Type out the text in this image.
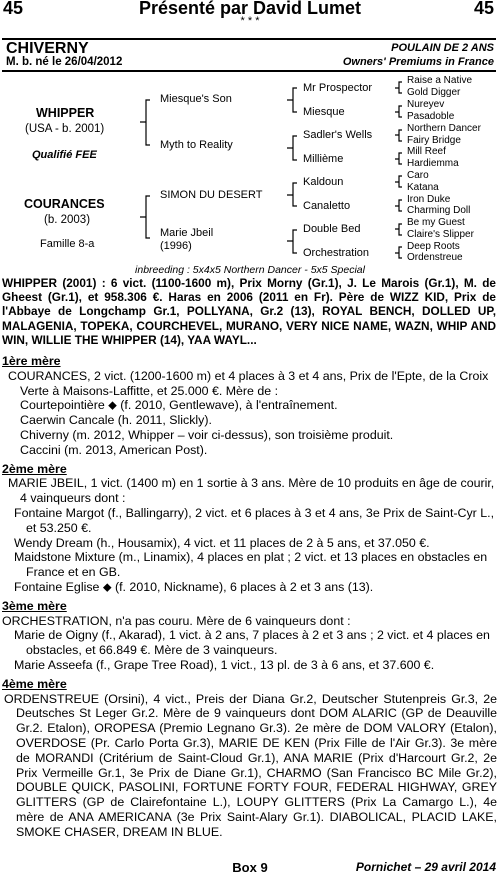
45	Présenté par David Lumet	45
* * *
CHIVERNY	POULAIN DE 2 ANS
M. b. né le 26/04/2012	Owners' Premiums in France
WHIPPER
(USA - b. 2001)
Qualifié FEE
COURANCES
(b. 2003)
Famille 8-a
Miesque's Son
Myth to Reality
SIMON DU DESERT
Marie Jbeil
(1996)
Mr Prospector
Miesque
Sadler's Wells
Millième
Kaldoun
Canaletto
Double Bed
Orchestration
Raise a Native
Gold Digger
Nureyev
Pasadoble
Northern Dancer
Fairy Bridge
Mill Reef
Hardiemma
Caro
Katana
Iron Duke
Charming Doll
Be my Guest
Claire's Slipper
Deep Roots
Ordenstreue
inbreeding : 5x4x5 Northern Dancer - 5x5 Special
WHIPPER (2001) : 6 vict. (1100-1600 m), Prix Morny (Gr.1), J. Le Marois (Gr.1), M. de Gheest (Gr.1), et 958.306 €. Haras en 2006 (2011 en Fr). Père de WIZZ KID, Prix de l'Abbaye de Longchamp Gr.1, POLLYANA, Gr.2 (13), ROYAL BENCH, DOLLED UP, MALAGENIA, TOPEKA, COURCHEVEL, MURANO, VERY NICE NAME, WAZN, WHIP AND WIN, WILLIE THE WHIPPER (14), YAA WAYL...
1ère mère
COURANCES, 2 vict. (1200-1600 m) et 4 places à 3 et 4 ans, Prix de l'Epte, de la Croix Verte à Maisons-Laffitte, et 25.000 €. Mère de :
Courtepointière ⬥ (f. 2010, Gentlewave), à l'entraînement.
Caerwin Cancale (h. 2011, Slickly).
Chiverny (m. 2012, Whipper – voir ci-dessus), son troisième produit.
Caccini (m. 2013, American Post).
2ème mère
MARIE JBEIL, 1 vict. (1400 m) en 1 sortie à 3 ans. Mère de 10 produits en âge de courir, 4 vainqueurs dont :
Fontaine Margot (f., Ballingarry), 2 vict. et 6 places à 3 et 4 ans, 3e Prix de Saint-Cyr L., et 53.250 €.
Wendy Dream (h., Housamix), 4 vict. et 11 places de 2 à 5 ans, et 37.050 €.
Maidstone Mixture (m., Linamix), 4 places en plat ; 2 vict. et 13 places en obstacles en France et en GB.
Fontaine Eglise ⬥ (f. 2010, Nickname), 6 places à 2 et 3 ans (13).
3ème mère
ORCHESTRATION, n'a pas couru. Mère de 6 vainqueurs dont :
Marie de Oigny (f., Akarad), 1 vict. à 2 ans, 7 places à 2 et 3 ans ; 2 vict. et 4 places en obstacles, et 66.849 €. Mère de 3 vainqueurs.
Marie Asseefa (f., Grape Tree Road), 1 vict., 13 pl. de 3 à 6 ans, et 37.600 €.
4ème mère
ORDENSTREUE (Orsini), 4 vict., Preis der Diana Gr.2, Deutscher Stutenpreis Gr.3, 2e Deutsches St Leger Gr.2. Mère de 9 vainqueurs dont DOM ALARIC (GP de Deauville Gr.2. Etalon), OROPESA (Premio Legnano Gr.3). 2e mère de DOM VALORY (Etalon), OVERDOSE (Pr. Carlo Porta Gr.3), MARIE DE KEN (Prix Fille de l'Air Gr.3). 3e mère de MORANDI (Critérium de Saint-Cloud Gr.1), ANA MARIE (Prix d'Harcourt Gr.2, 2e Prix Vermeille Gr.1, 3e Prix de Diane Gr.1), CHARMO (San Francisco BC Mile Gr.2), DOUBLE QUICK, PASOLINI, FORTUNE FORTY FOUR, FEDERAL HIGHWAY, GREY GLITTERS (GP de Clairefontaine L.), LOUPY GLITTERS (Prix La Camargo L.), 4e mère de ANA AMERICANA (3e Prix Saint-Alary Gr.1). DIABOLICAL, PLACID LAKE, SMOKE CHASER, DREAM IN BLUE.
Box 9	Pornichet – 29 avril 2014
